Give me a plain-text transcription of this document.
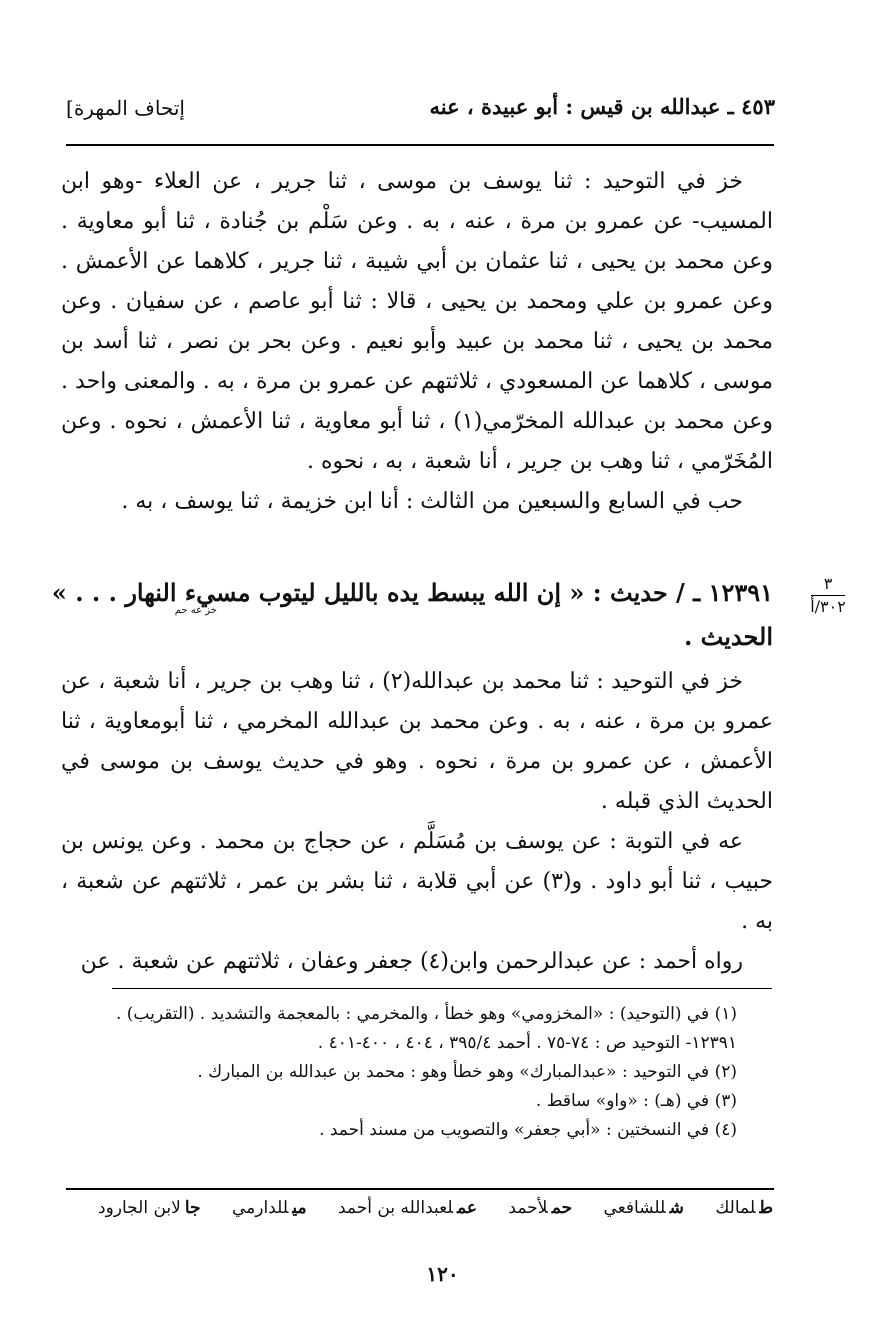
[إتحاف المهرة	٤٥٣ ـ عبدالله بن قيس : أبو عبيدة ، عنه

خز في التوحيد : ثنا يوسف بن موسى ، ثنا جرير ، عن العلاء -وهو ابن المسيب- عن عمرو بن مرة ، عنه ، به . وعن سَلْم بن جُنادة ، ثنا أبو معاوية . وعن محمد بن يحيى ، ثنا عثمان بن أبي شيبة ، ثنا جرير ، كلاهما عن الأعمش . وعن عمرو بن علي ومحمد بن يحيى ، قالا : ثنا أبو عاصم ، عن سفيان . وعن محمد بن يحيى ، ثنا محمد بن عبيد وأبو نعيم . وعن بحر بن نصر ، ثنا أسد بن موسى ، كلاهما عن المسعودي ، ثلاثتهم عن عمرو بن مرة ، به . والمعنى واحد . وعن محمد بن عبدالله المخرّمي(١) ، ثنا أبو معاوية ، ثنا الأعمش ، نحوه . وعن المُخَرّمي ، ثنا وهب بن جرير ، أنا شعبة ، به ، نحوه .

حب في السابع والسبعين من الثالث : أنا ابن خزيمة ، ثنا يوسف ، به .

٣
٣٠٢/أ
١٢٣٩١ ـ / حديث : « إن الله يبسط يده بالليل ليتوب مسيء النهار . . . »
خز عه حم
الحديث .

خز في التوحيد : ثنا محمد بن عبدالله(٢) ، ثنا وهب بن جرير ، أنا شعبة ، عن عمرو بن مرة ، عنه ، به . وعن محمد بن عبدالله المخرمي ، ثنا أبومعاوية ، ثنا الأعمش ، عن عمرو بن مرة ، نحوه . وهو في حديث يوسف بن موسى في الحديث الذي قبله .

عه في التوبة : عن يوسف بن مُسَلَّم ، عن حجاج بن محمد . وعن يونس بن حبيب ، ثنا أبو داود . و(٣) عن أبي قلابة ، ثنا بشر بن عمر ، ثلاثتهم عن شعبة ، به .

رواه أحمد : عن عبدالرحمن وابن(٤) جعفر وعفان ، ثلاثتهم عن شعبة . عن

(١) في (التوحيد) : «المخزومي» وهو خطأ ، والمخرمي : بالمعجمة والتشديد . (التقريب) .
١٢٣٩١- التوحيد ص : ٧٤-٧٥ . أحمد ٣٩٥/٤ ، ٤٠٤ ، ٤٠٠-٤٠١ .
(٢) في التوحيد : «عبدالمبارك» وهو خطأ وهو : محمد بن عبدالله بن المبارك .
(٣) في (هـ) : «واو» ساقط .
(٤) في النسختين : «أبي جعفر» والتصويب من مسند أحمد .
طلمالك شللشافعي حملأحمد عملعبدالله بن أحمد ميللدارمي جالابن الجارود
١٢٠
